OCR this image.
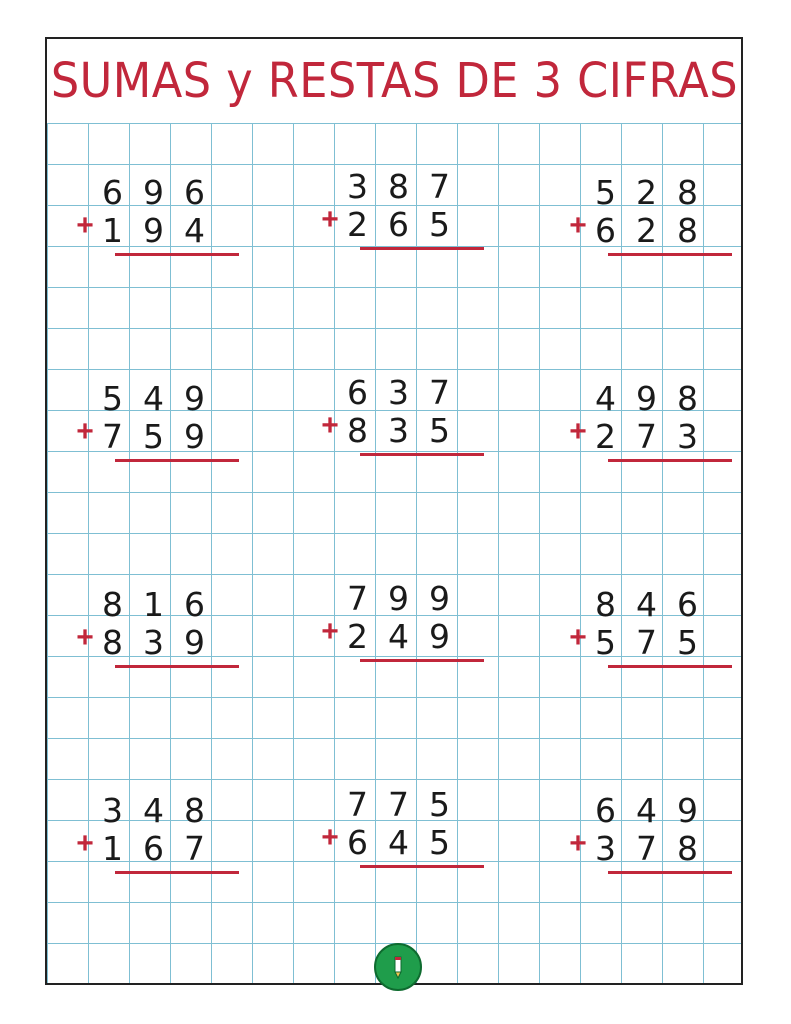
SUMAS y RESTAS DE 3 CIFRAS
6 9 6
+ 1 9 4
3 8 7
+ 2 6 5
5 2 8
+ 6 2 8
5 4 9
+ 7 5 9
6 3 7
+ 8 3 5
4 9 8
+ 2 7 3
8 1 6
+ 8 3 9
7 9 9
+ 2 4 9
8 4 6
+ 5 7 5
3 4 8
+ 1 6 7
7 7 5
+ 6 4 5
6 4 9
+ 3 7 8
